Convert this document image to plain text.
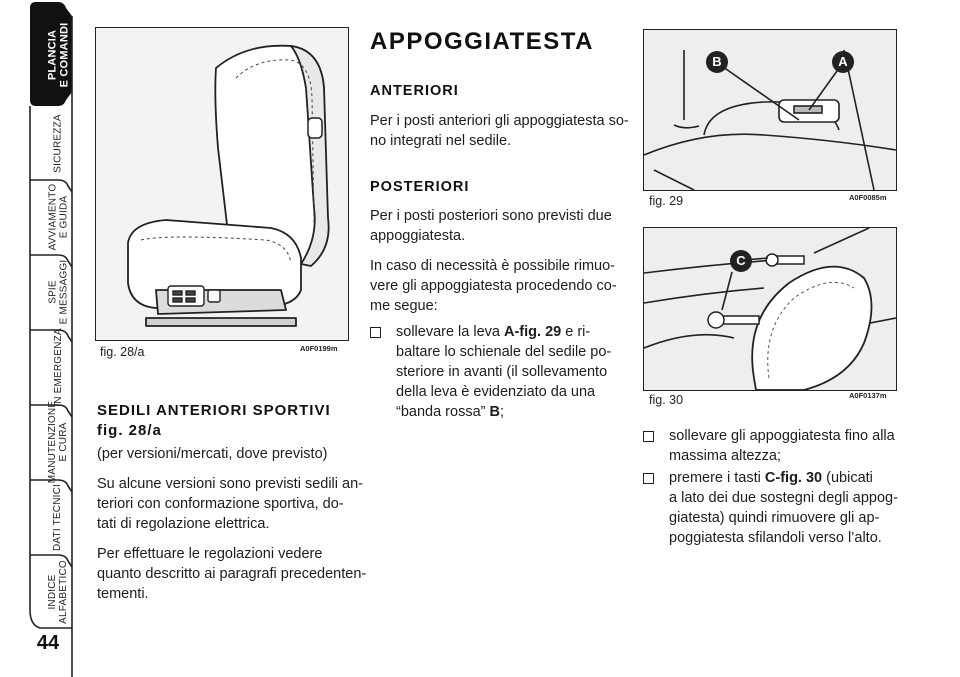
PLANCIA
E COMANDI
SICUREZZA
AVVIAMENTO
E GUIDA
SPIE
E MESSAGGI
IN EMERGENZA
MANUTENZIONE
E CURA
DATI TECNICI
INDICE
ALFABETICO
44
fig. 28/a	A0F0199m
B	A
fig. 29	A0F0085m
C
fig. 30	A0F0137m
SEDILI ANTERIORI SPORTIVI
fig. 28/a
(per versioni/mercati, dove previsto)
Su alcune versioni sono previsti sedili an-
teriori con conformazione sportiva, do-
tati di regolazione elettrica.
Per effettuare le regolazioni vedere
quanto descritto ai paragrafi precedenten-
tementi.
APPOGGIATESTA
ANTERIORI
Per i posti anteriori gli appoggiatesta so-
no integrati nel sedile.
POSTERIORI
Per i posti posteriori sono previsti due
appoggiatesta.
In caso di necessità è possibile rimuo-
vere gli appoggiatesta procedendo co-
me segue:
sollevare la leva A-fig. 29 e ri-
baltare lo schienale del sedile po-
steriore in avanti (il sollevamento
della leva è evidenziato da una
“banda rossa” B;
sollevare gli appoggiatesta fino alla
massima altezza;
premere i tasti C-fig. 30 (ubicati
a lato dei due sostegni degli appog-
giatesta) quindi rimuovere gli ap-
poggiatesta sfilandoli verso l’alto.
